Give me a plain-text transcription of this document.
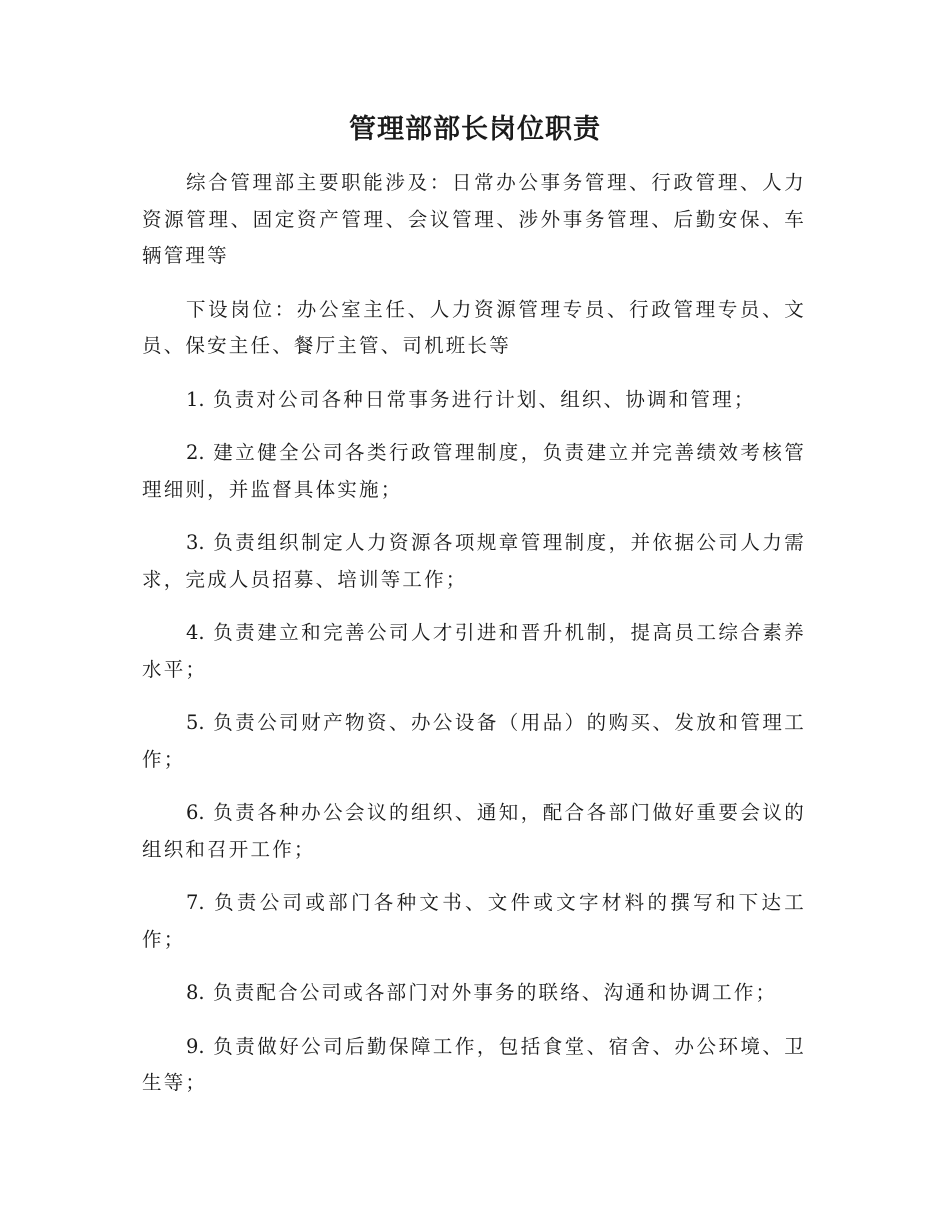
管理部部长岗位职责

综合管理部主要职能涉及：日常办公事务管理、行政管理、人力资源管理、固定资产管理、会议管理、涉外事务管理、后勤安保、车辆管理等

下设岗位：办公室主任、人力资源管理专员、行政管理专员、文员、保安主任、餐厅主管、司机班长等

1. 负责对公司各种日常事务进行计划、组织、协调和管理；

2. 建立健全公司各类行政管理制度，负责建立并完善绩效考核管理细则，并监督具体实施；

3. 负责组织制定人力资源各项规章管理制度，并依据公司人力需求，完成人员招募、培训等工作；

4. 负责建立和完善公司人才引进和晋升机制，提高员工综合素养水平；

5. 负责公司财产物资、办公设备（用品）的购买、发放和管理工作；

6. 负责各种办公会议的组织、通知，配合各部门做好重要会议的组织和召开工作；

7. 负责公司或部门各种文书、文件或文字材料的撰写和下达工作；

8. 负责配合公司或各部门对外事务的联络、沟通和协调工作；

9. 负责做好公司后勤保障工作，包括食堂、宿舍、办公环境、卫生等；
